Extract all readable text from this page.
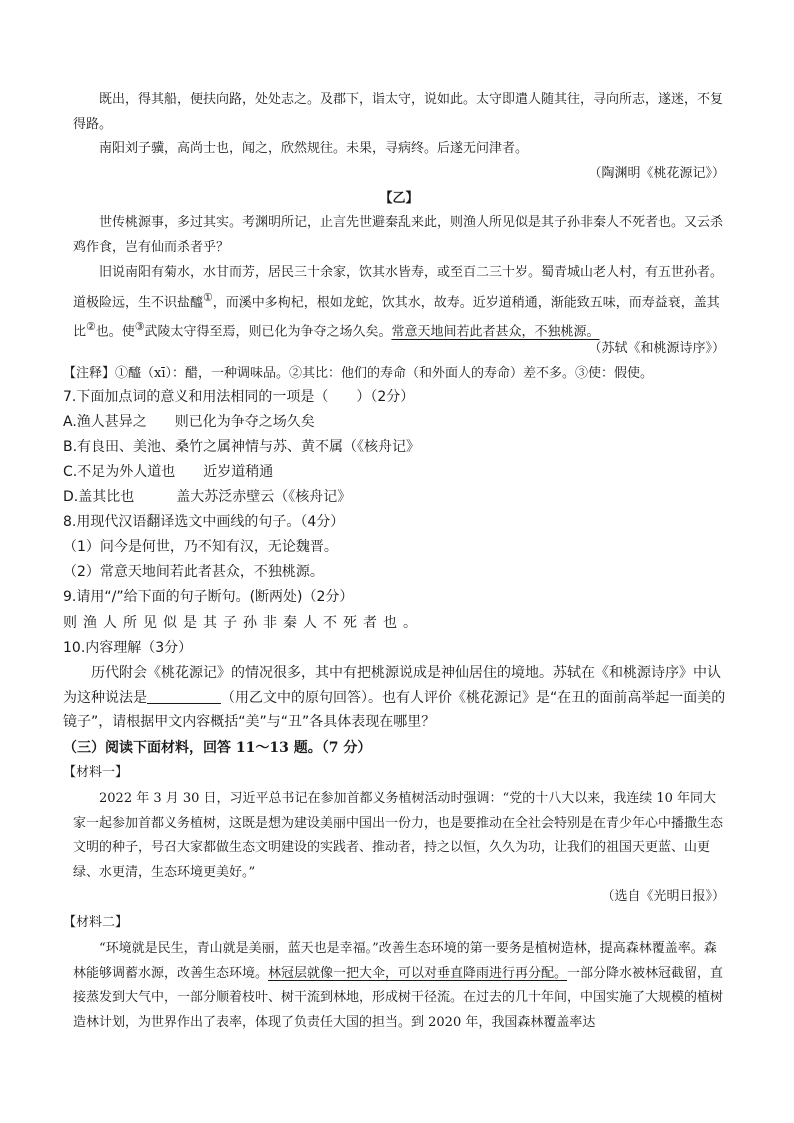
既出，得其船，便扶向路，处处志之。及郡下，诣太守，说如此。太守即遣人随其往，寻向所志，遂迷，不复得路。

南阳刘子骥，高尚士也，闻之，欣然规往。未果，寻病终。后遂无问津者。

（陶渊明《桃花源记》）

【乙】

世传桃源事，多过其实。考渊明所记，止言先世避秦乱来此，则渔人所见似是其子孙非秦人不死者也。又云杀鸡作食，岂有仙而杀者乎？

旧说南阳有菊水，水甘而芳，居民三十余家，饮其水皆寿，或至百二三十岁。蜀青城山老人村，有五世孙者。道极险远，生不识盐醯①，而溪中多枸杞，根如龙蛇，饮其水，故寿。近岁道稍通，渐能致五味，而寿益衰，盖其比②也。使③武陵太守得至焉，则已化为争夺之场久矣。常意天地间若此者甚众，不独桃源。

（苏轼《和桃源诗序》）

【注释】①醯（xī）：醋，一种调味品。②其比：他们的寿命（和外面人的寿命）差不多。③使：假使。

7.下面加点词的意义和用法相同的一项是（　　）（2分）

A.渔人甚异之　　则已化为争夺之场久矣

B.有良田、美池、桑竹之属神情与苏、黄不属（《核舟记》

C.不足为外人道也　　近岁道稍通

D.盖其比也　　　盖大苏泛赤壁云（《核舟记》

8.用现代汉语翻译选文中画线的句子。（4分）

（1）问今是何世，乃不知有汉，无论魏晋。

（2）常意天地间若此者甚众，不独桃源。

9.请用“/”给下面的句子断句。(断两处)（2分）

则渔人所见似是其子孙非秦人不死者也。

10.内容理解（3分）

历代附会《桃花源记》的情况很多，其中有把桃源说成是神仙居住的境地。苏轼在《和桃源诗序》中认为这种说法是	（用乙文中的原句回答）。也有人评价《桃花源记》是“在丑的面前高举起一面美的镜子”，请根据甲文内容概括“美”与“丑”各具体表现在哪里？

（三）阅读下面材料，回答 11～13 题。（7 分）

【材料一】

2022 年 3 月 30 日，习近平总书记在参加首都义务植树活动时强调：“党的十八大以来，我连续 10 年同大家一起参加首都义务植树，这既是想为建设美丽中国出一份力，也是要推动在全社会特别是在青少年心中播撒生态文明的种子，号召大家都做生态文明建设的实践者、推动者，持之以恒，久久为功，让我们的祖国天更蓝、山更绿、水更清，生态环境更美好。”

（选自《光明日报》）

【材料二】

“环境就是民生，青山就是美丽，蓝天也是幸福。”改善生态环境的第一要务是植树造林，提高森林覆盖率。森林能够调蓄水源，改善生态环境。林冠层就像一把大伞，可以对垂直降雨进行再分配。一部分降水被林冠截留，直接蒸发到大气中，一部分顺着枝叶、树干流到林地，形成树干径流。在过去的几十年间，中国实施了大规模的植树造林计划，为世界作出了表率，体现了负责任大国的担当。到 2020 年，我国森林覆盖率达
